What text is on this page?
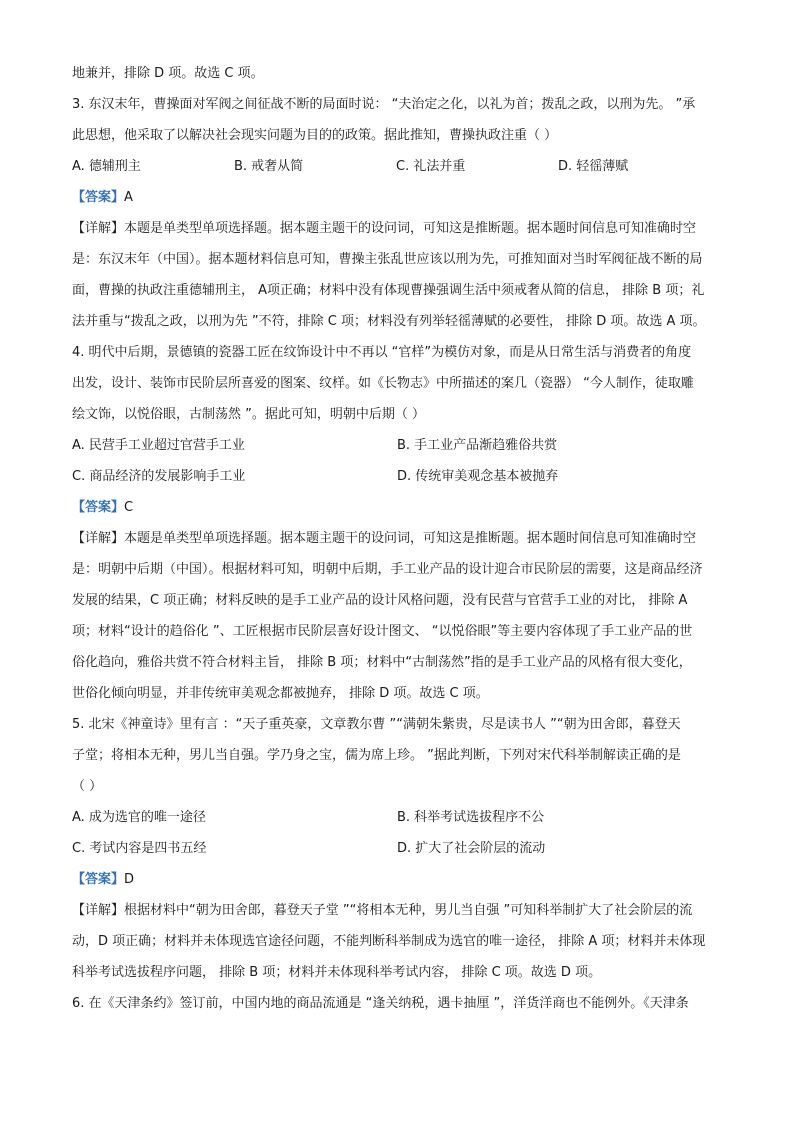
地兼并，排除 D 项。故选 C 项。
3. 东汉末年，曹操面对军阀之间征战不断的局面时说： “夫治定之化，以礼为首；拨乱之政，以刑为先。 ”承
此思想，他采取了以解决社会现实问题为目的的政策。据此推知，曹操执政注重（ ）
A. 德辅刑主	B. 戒奢从简	C. 礼法并重	D. 轻徭薄赋
【答案】A
【详解】本题是单类型单项选择题。据本题主题干的设问词，可知这是推断题。据本题时间信息可知准确时空
是：东汉末年（中国）。据本题材料信息可知，曹操主张乱世应该以刑为先，可推知面对当时军阀征战不断的局
面，曹操的执政注重德辅刑主， A项正确；材料中没有体现曹操强调生活中须戒奢从简的信息， 排除 B 项；礼
法并重与“拨乱之政，以刑为先 ”不符，排除 C 项；材料没有列举轻徭薄赋的必要性， 排除 D 项。故选 A 项。
4. 明代中后期，景德镇的瓷器工匠在纹饰设计中不再以 “官样”为模仿对象，而是从日常生活与消费者的角度
出发，设计、装饰市民阶层所喜爱的图案、纹样。如《长物志》中所描述的案几（瓷器） “今人制作，徒取雕
绘文饰，以悦俗眼，古制荡然 ”。据此可知，明朝中后期（ ）
A. 民营手工业超过官营手工业	B. 手工业产品渐趋雅俗共赏
C. 商品经济的发展影响手工业	D. 传统审美观念基本被抛弃
【答案】C
【详解】本题是单类型单项选择题。据本题主题干的设问词，可知这是推断题。据本题时间信息可知准确时空
是：明朝中后期（中国）。根据材料可知，明朝中后期，手工业产品的设计迎合市民阶层的需要，这是商品经济
发展的结果，C 项正确；材料反映的是手工业产品的设计风格问题，没有民营与官营手工业的对比， 排除 A
项；材料“设计的趋俗化 ”、工匠根据市民阶层喜好设计图文、 “以悦俗眼”等主要内容体现了手工业产品的世
俗化趋向，雅俗共赏不符合材料主旨， 排除 B 项；材料中“古制荡然”指的是手工业产品的风格有很大变化，
世俗化倾向明显，并非传统审美观念都被抛弃， 排除 D 项。故选 C 项。
5. 北宋《神童诗》里有言 ：“天子重英豪，文章教尔曹 ”“满朝朱紫贵，尽是读书人 ”“朝为田舍郎，暮登天
子堂；将相本无种，男儿当自强。学乃身之宝，儒为席上珍。 ”据此判断，下列对宋代科举制解读正确的是
（ ）
A. 成为选官的唯一途径	B. 科举考试选拔程序不公
C. 考试内容是四书五经	D. 扩大了社会阶层的流动
【答案】D
【详解】根据材料中“朝为田舍郎，暮登天子堂 ”“将相本无种，男儿当自强 ”可知科举制扩大了社会阶层的流
动，D 项正确；材料并未体现选官途径问题，不能判断科举制成为选官的唯一途径， 排除 A 项；材料并未体现
科举考试选拔程序问题， 排除 B 项；材料并未体现科举考试内容， 排除 C 项。故选 D 项。
6. 在《天津条约》签订前，中国内地的商品流通是 “逢关纳税，遇卡抽厘 ”，洋货洋商也不能例外。《天津条
